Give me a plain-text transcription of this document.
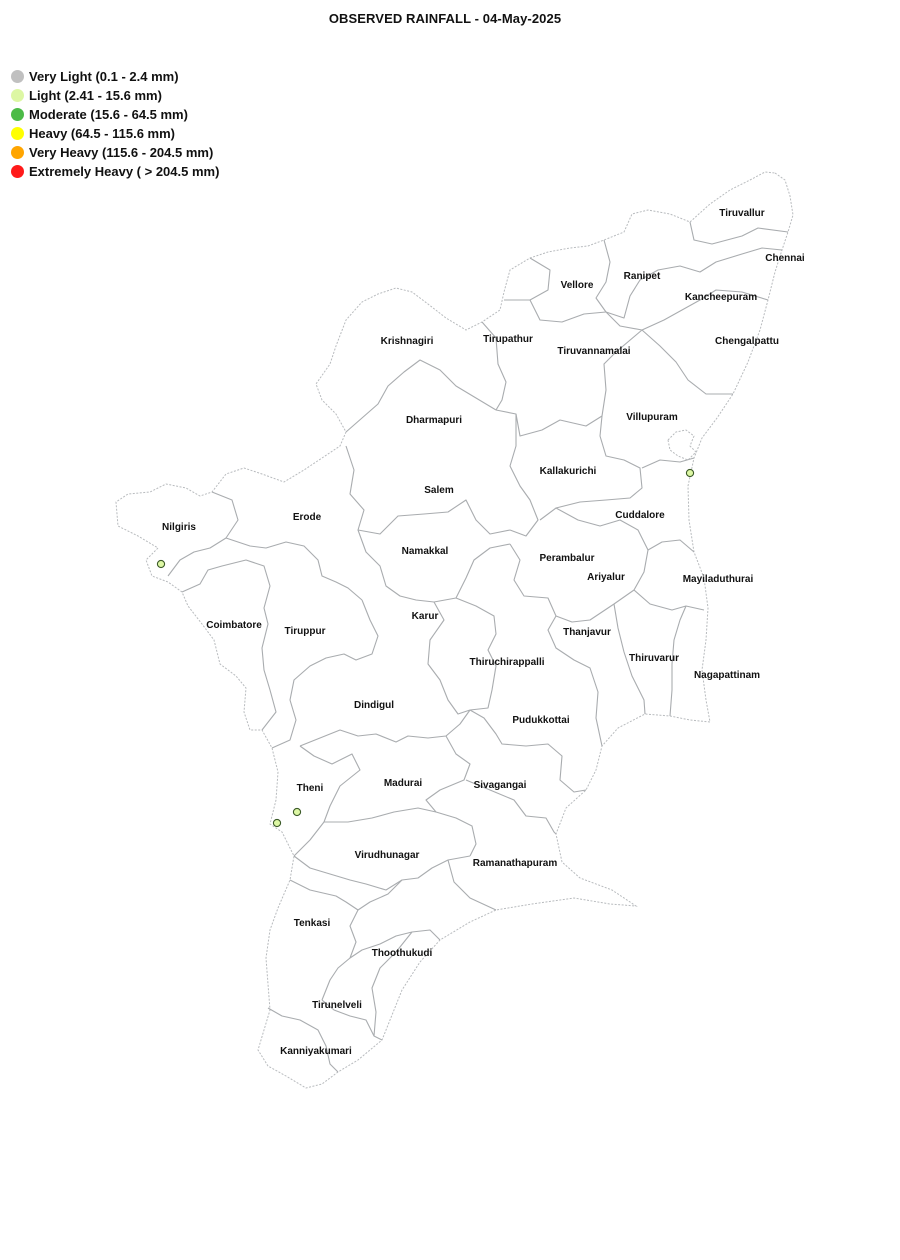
OBSERVED RAINFALL - 04-May-2025
Very Light (0.1 - 2.4 mm)
Light (2.41 - 15.6 mm)
Moderate (15.6 - 64.5 mm)
Heavy (64.5 - 115.6 mm)
Very Heavy (115.6 - 204.5 mm)
Extremely Heavy ( > 204.5 mm)
Tiruvallur
Chennai
Ranipet
Vellore
Kancheepuram
Chengalpattu
Krishnagiri	Tirupathur
Tiruvannamalai
Dharmapuri	Villupuram
Kallakurichi
Salem
Erode
Nilgiris
Cuddalore
Namakkal
Perambalur
Ariyalur	Mayiladuthurai
Coimbatore
Tiruppur
Karur
Thanjavur
Thiruvarur
Thiruchirappalli
Nagapattinam
Dindigul
Pudukkottai
Theni	Madurai	Sivagangai
Virudhunagar
Ramanathapuram
Tenkasi
Thoothukudi
Tirunelveli
Kanniyakumari
